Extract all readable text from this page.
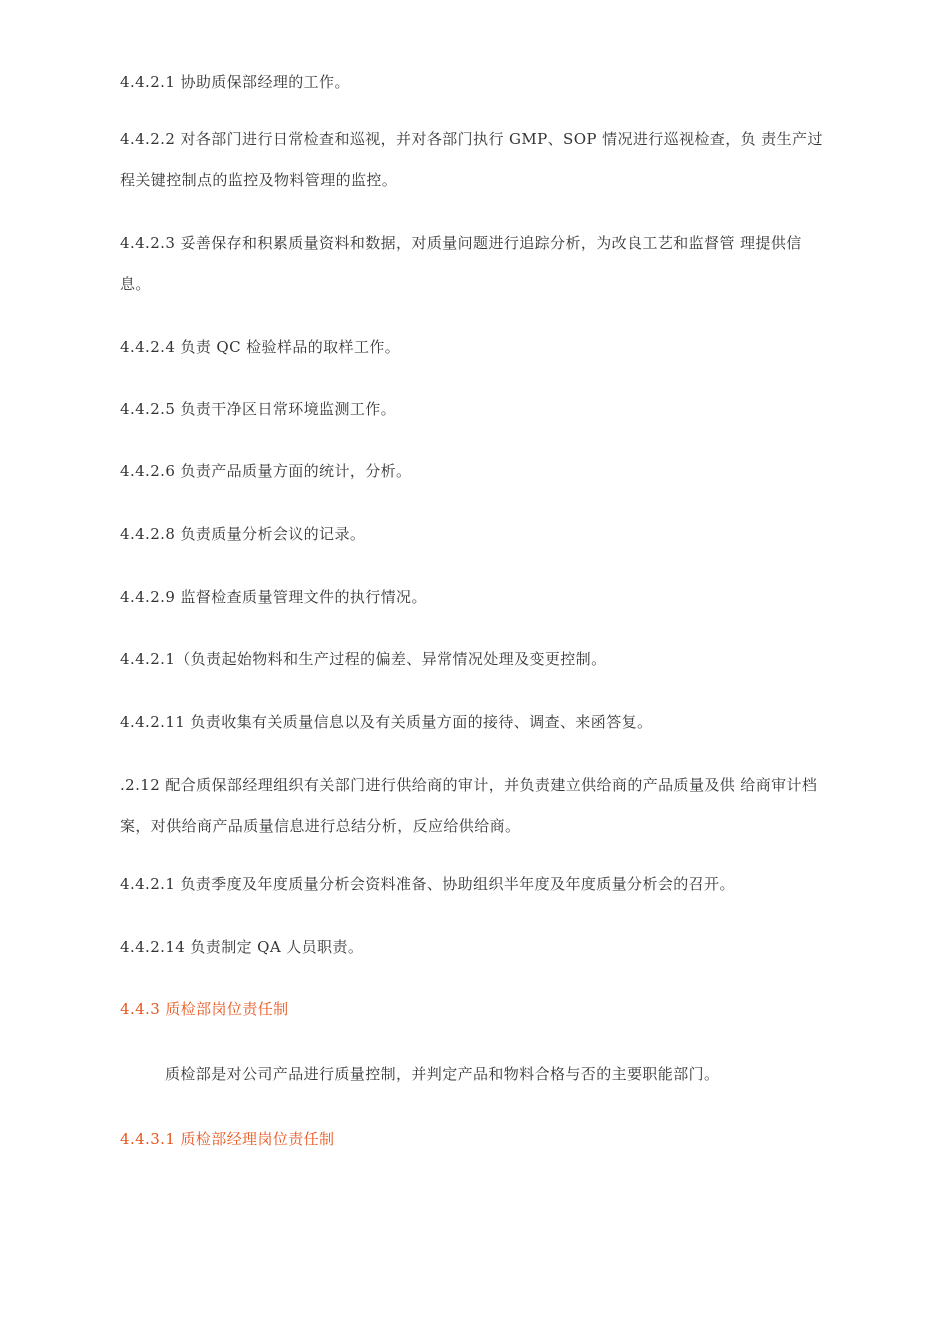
4.4.2.1 协助质保部经理的工作。
4.4.2.2 对各部门进行日常检查和巡视，并对各部门执行 GMP、SOP 情况进行巡视检查，负 责生产过程关键控制点的监控及物料管理的监控。
4.4.2.3 妥善保存和积累质量资料和数据，对质量问题进行追踪分析，为改良工艺和监督管 理提供信息。
4.4.2.4 负责 QC 检验样品的取样工作。
4.4.2.5 负责干净区日常环境监测工作。
4.4.2.6 负责产品质量方面的统计，分析。
4.4.2.8 负责质量分析会议的记录。
4.4.2.9 监督检查质量管理文件的执行情况。
4.4.2.1（负责起始物料和生产过程的偏差、异常情况处理及变更控制。
4.4.2.11 负责收集有关质量信息以及有关质量方面的接待、调查、来函答复。
.2.12 配合质保部经理组织有关部门进行供给商的审计，并负责建立供给商的产品质量及供 给商审计档案，对供给商产品质量信息进行总结分析，反应给供给商。
4.4.2.1 负责季度及年度质量分析会资料准备、协助组织半年度及年度质量分析会的召开。
4.4.2.14 负责制定 QA 人员职责。
4.4.3 质检部岗位责任制
质检部是对公司产品进行质量控制，并判定产品和物料合格与否的主要职能部门。
4.4.3.1 质检部经理岗位责任制
